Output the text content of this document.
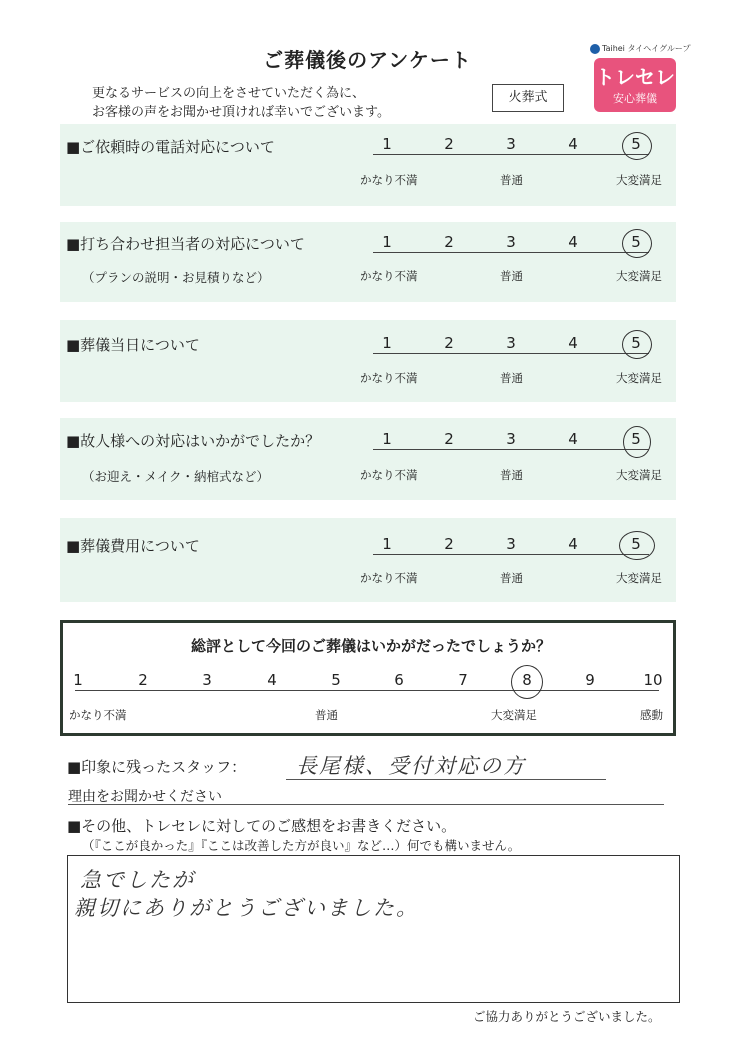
ご葬儀後のアンケート
更なるサービスの向上をさせていただく為に、
お客様の声をお聞かせ頂ければ幸いでございます。
火葬式
Taihei タイヘイグループ
トレセレ
安心葬儀
■ご依頼時の電話対応について	1	2	3	4	5
かなり不満	普通	大変満足
■打ち合わせ担当者の対応について
（プランの説明・お見積りなど）
1	2	3	4	5
かなり不満	普通	大変満足
■葬儀当日について	1	2	3	4	5
かなり不満	普通	大変満足
■故人様への対応はいかがでしたか？
（お迎え・メイク・納棺式など）
1	2	3	4	5
かなり不満	普通	大変満足
■葬儀費用について	1	2	3	4	5
かなり不満	普通	大変満足
総評として今回のご葬儀はいかがだったでしょうか？
1	2	3	4	5	6	7	8	9	10
かなり不満	普通	大変満足	感動
■印象に残ったスタッフ： 長尾様、受付対応の方
理由をお聞かせください
■その他、トレセレに対してのご感想をお書きください。
（『ここが良かった』『ここは改善した方が良い』など…）何でも構いません。
急でしたが
親切にありがとうございました。
ご協力ありがとうございました。
